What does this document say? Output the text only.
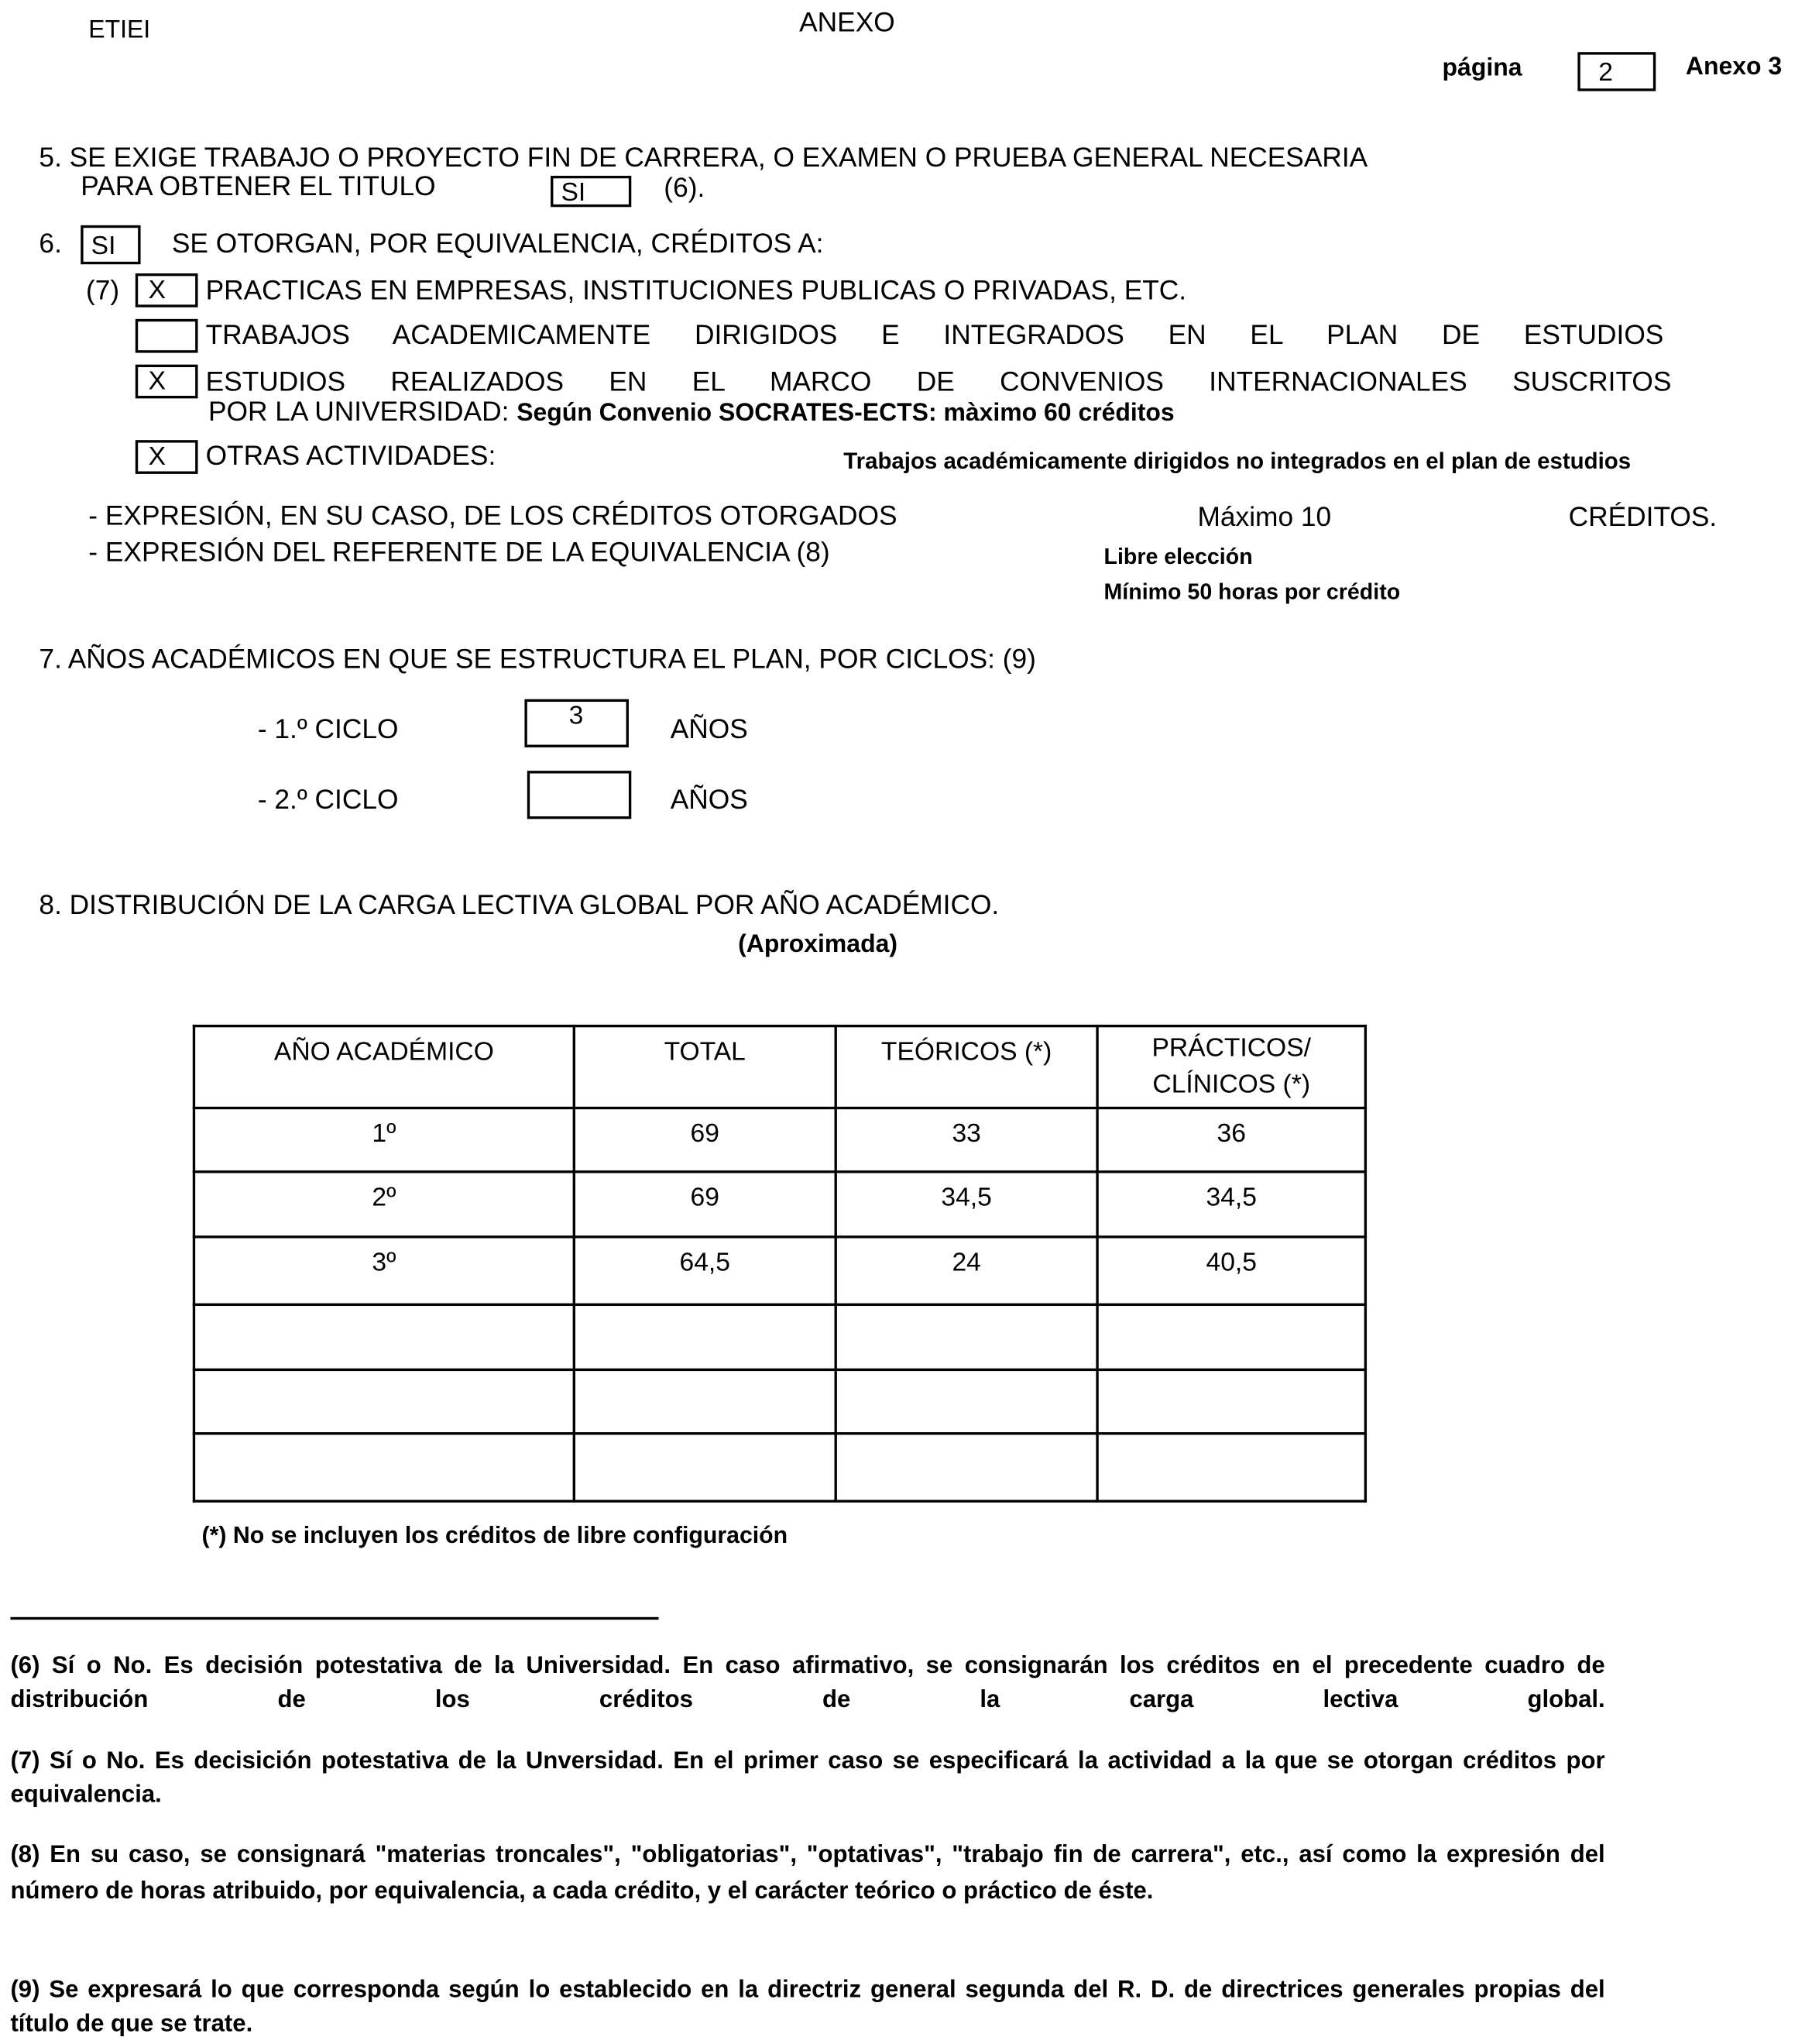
ETIEI	ANEXO
página	2	Anexo 3
5. SE EXIGE TRABAJO O PROYECTO FIN DE CARRERA, O EXAMEN O PRUEBA GENERAL NECESARIA
PARA OBTENER EL TITULO	SI	(6).
6.	SI	SE OTORGAN, POR EQUIVALENCIA, CRÉDITOS A:
(7)	X	PRACTICAS EN EMPRESAS, INSTITUCIONES PUBLICAS O PRIVADAS, ETC.
TRABAJOS ACADEMICAMENTE DIRIGIDOS E INTEGRADOS EN EL PLAN DE ESTUDIOS
X	ESTUDIOS REALIZADOS EN EL MARCO DE CONVENIOS INTERNACIONALES SUSCRITOS
POR LA UNIVERSIDAD: Según Convenio SOCRATES-ECTS: màximo 60 créditos
X	OTRAS ACTIVIDADES:	Trabajos académicamente dirigidos no integrados en el plan de estudios
- EXPRESIÓN, EN SU CASO, DE LOS CRÉDITOS OTORGADOS	Máximo 10	CRÉDITOS.
- EXPRESIÓN DEL REFERENTE DE LA EQUIVALENCIA (8)	Libre elección
Mínimo 50 horas por crédito
7. AÑOS ACADÉMICOS EN QUE SE ESTRUCTURA EL PLAN, POR CICLOS: (9)
- 1.º CICLO	3	AÑOS
- 2.º CICLO	AÑOS
8. DISTRIBUCIÓN DE LA CARGA LECTIVA GLOBAL POR AÑO ACADÉMICO.
(Aproximada)
AÑO ACADÉMICO	TOTAL	TEÓRICOS (*)	PRÁCTICOS/ CLÍNICOS (*)
1º	69	33	36
2º	69	34,5	34,5
3º	64,5	24	40,5

(*) No se incluyen los créditos de libre configuración
(6) Sí o No. Es decisión potestativa de la Universidad. En caso afirmativo, se consignarán los créditos en el precedente cuadro de distribución de los créditos de la carga lectiva global.
(7) Sí o No. Es decisición potestativa de la Unversidad. En el primer caso se especificará la actividad a la que se otorgan créditos por equivalencia.
(8) En su caso, se consignará "materias troncales", "obligatorias", "optativas", "trabajo fin de carrera", etc., así como la expresión del número de horas atribuido, por equivalencia, a cada crédito, y el carácter teórico o práctico de éste.
(9) Se expresará lo que corresponda según lo establecido en la directriz general segunda del R. D. de directrices generales propias del título de que se trate.
